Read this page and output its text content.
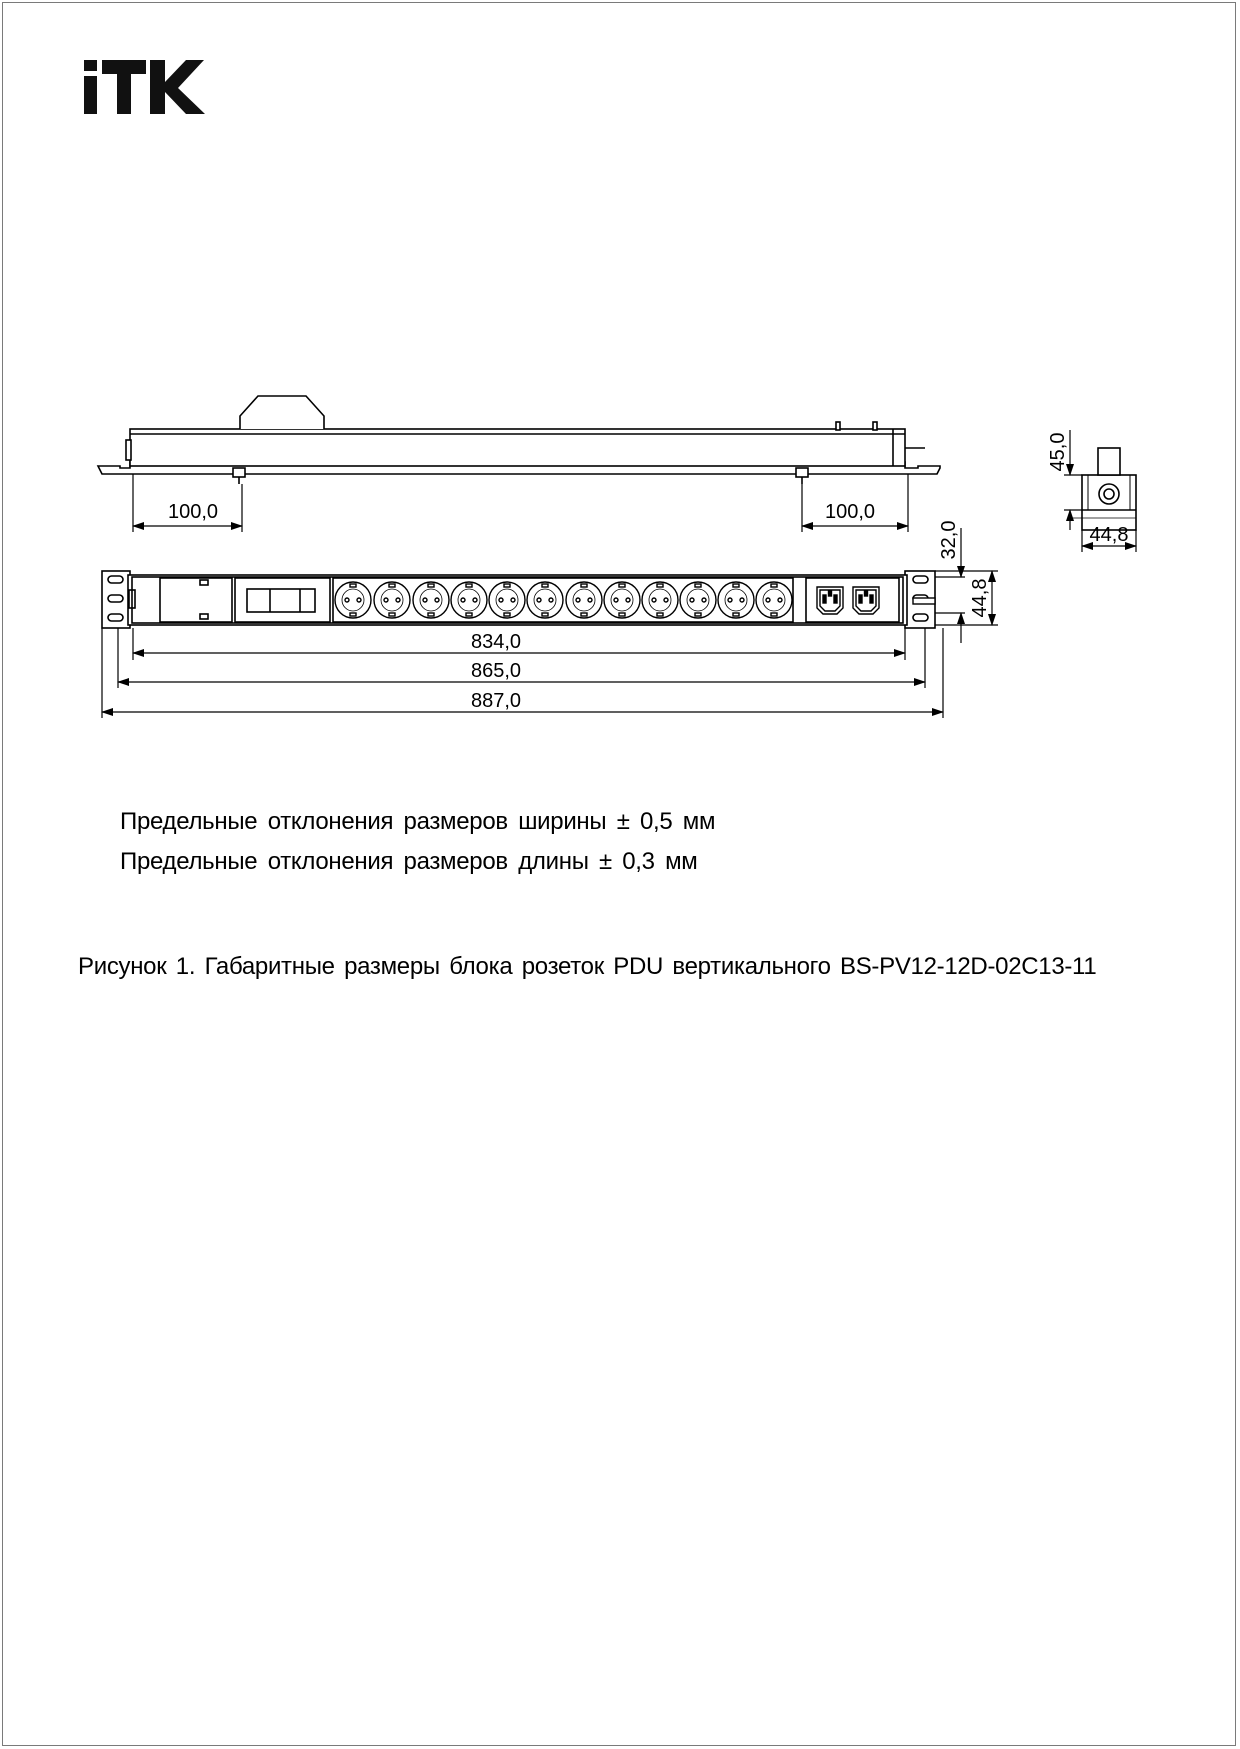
100,0	100,0
834,0
865,0
887,0
32,0
44,8
45,0
44,8
Предельные отклонения размеров ширины ± 0,5 мм
Предельные отклонения размеров длины ± 0,3 мм
Рисунок 1. Габаритные размеры блока розеток PDU вертикального BS-PV12-12D-02C13-11
